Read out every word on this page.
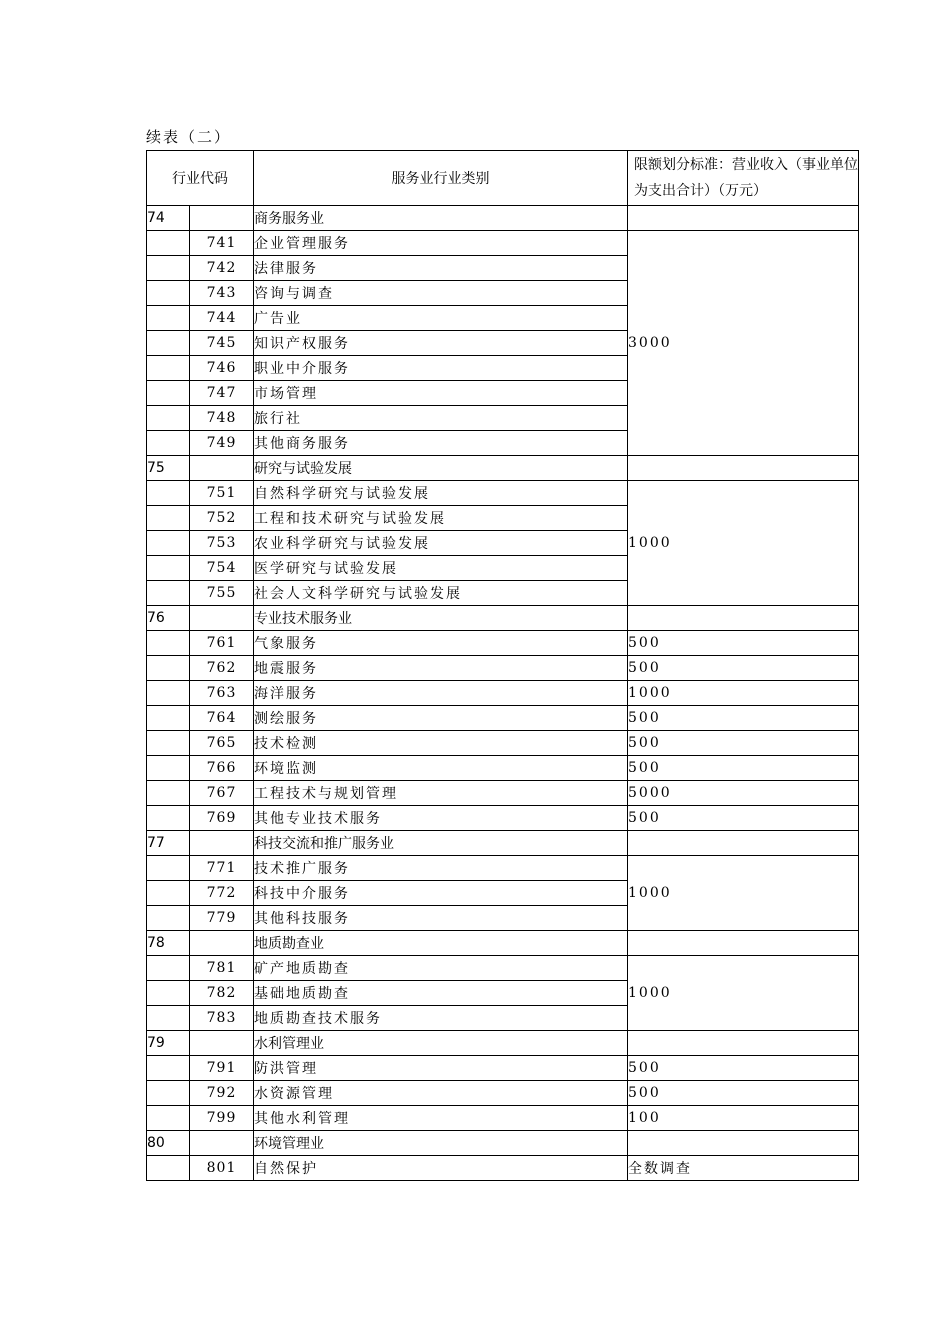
续表（二）
行业代码		服务业行业类别	限额划分标准：营业收入（事业单位为支出合计）（万元）
74		商务服务业	
	741	企业管理服务	3000
	742	法律服务	
	743	咨询与调查	
	744	广告业	
	745	知识产权服务	
	746	职业中介服务	
	747	市场管理	
	748	旅行社	
	749	其他商务服务	
75		研究与试验发展	
	751	自然科学研究与试验发展	1000
	752	工程和技术研究与试验发展	
	753	农业科学研究与试验发展	
	754	医学研究与试验发展	
	755	社会人文科学研究与试验发展	
76		专业技术服务业	
	761	气象服务	500
	762	地震服务	500
	763	海洋服务	1000
	764	测绘服务	500
	765	技术检测	500
	766	环境监测	500
	767	工程技术与规划管理	5000
	769	其他专业技术服务	500
77		科技交流和推广服务业	
	771	技术推广服务	1000
	772	科技中介服务	
	779	其他科技服务	
78		地质勘查业	
	781	矿产地质勘查	1000
	782	基础地质勘查	
	783	地质勘查技术服务	
79		水利管理业	
	791	防洪管理	500
	792	水资源管理	500
	799	其他水利管理	100
80		环境管理业	
	801	自然保护	全数调查
